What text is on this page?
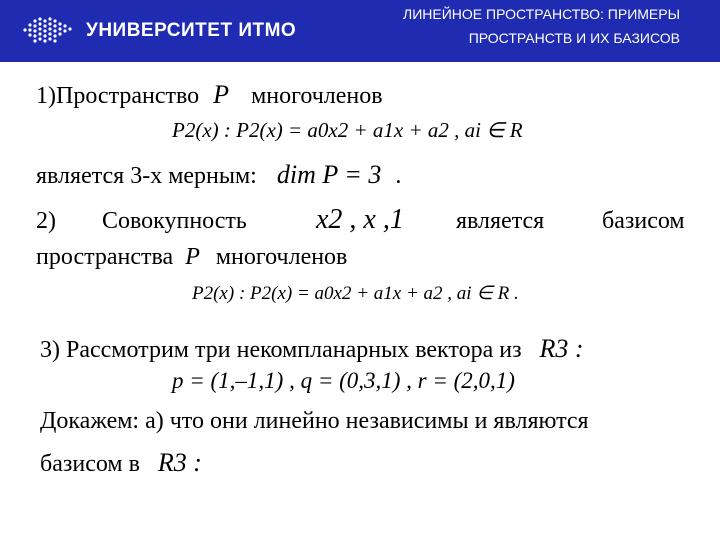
УНИВЕРСИТЕТ ИТМО
ЛИНЕЙНОЕ ПРОСТРАНСТВО: ПРИМЕРЫ
ПРОСТРАНСТВ И ИХ БАЗИСОВ
1)Пространство P многочленов
P2(x) : P2(x) = a0x2 + a1x + a2 , ai ∈ R
является 3-х мерным: dim P = 3 .
2) Совокупность x2 , x ,1 является базисом
пространства P многочленов
P2(x) : P2(x) = a0x2 + a1x + a2 , ai ∈ R .
3) Рассмотрим три некомпланарных вектора из R3 :
p = (1,–1,1) , q = (0,3,1) , r = (2,0,1)
Докажем: а) что они линейно независимы и являются
базисом в R3 :
